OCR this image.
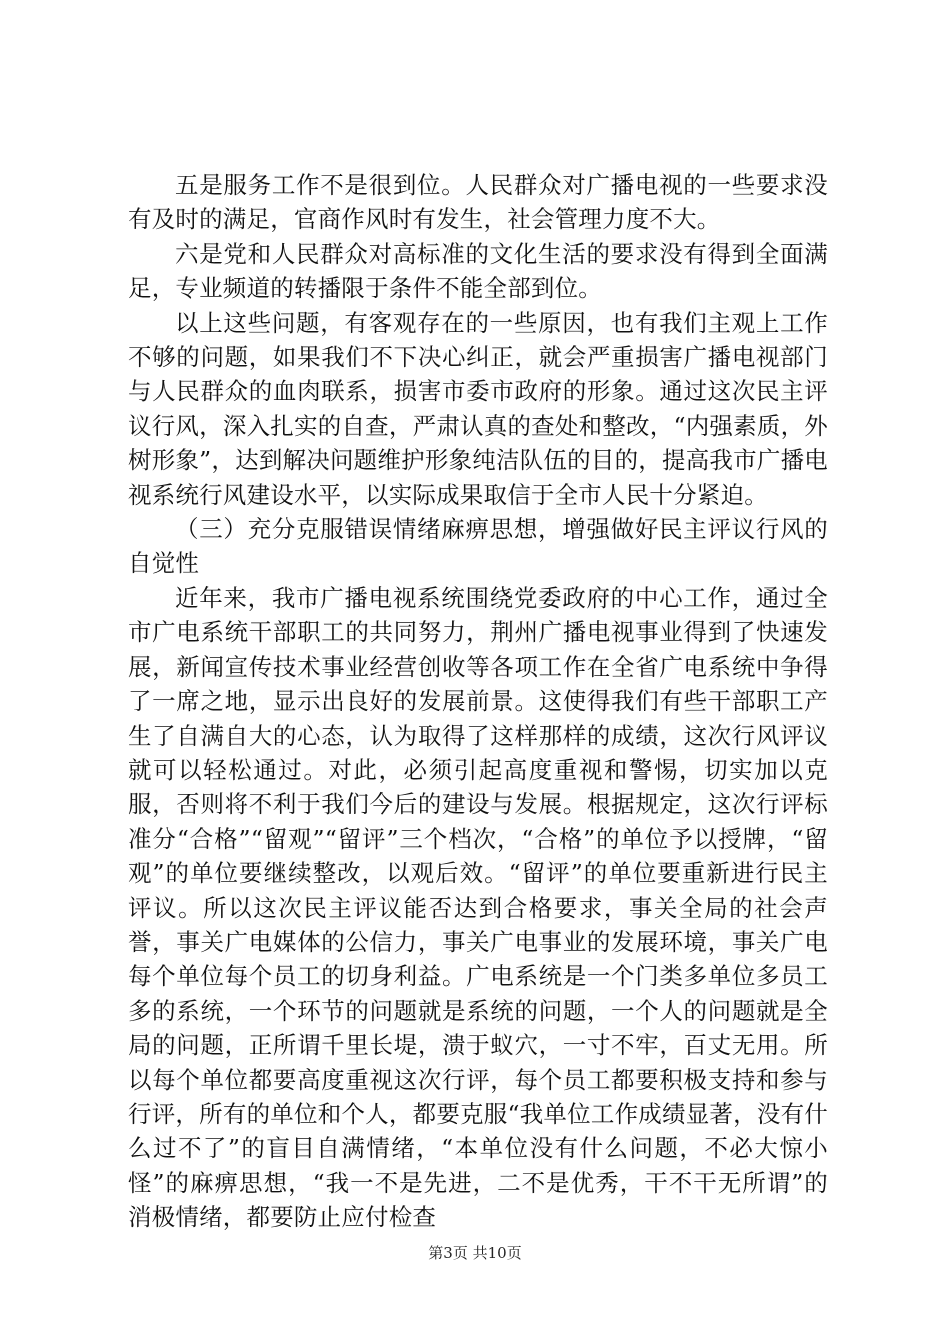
五是服务工作不是很到位。人民群众对广播电视的一些要求没有及时的满足，官商作风时有发生，社会管理力度不大。

六是党和人民群众对高标准的文化生活的要求没有得到全面满足，专业频道的转播限于条件不能全部到位。

以上这些问题，有客观存在的一些原因，也有我们主观上工作不够的问题，如果我们不下决心纠正，就会严重损害广播电视部门与人民群众的血肉联系，损害市委市政府的形象。通过这次民主评议行风，深入扎实的自查，严肃认真的查处和整改，“内强素质，外树形象”，达到解决问题维护形象纯洁队伍的目的，提高我市广播电视系统行风建设水平，以实际成果取信于全市人民十分紧迫。

（三）充分克服错误情绪麻痹思想，增强做好民主评议行风的自觉性

近年来，我市广播电视系统围绕党委政府的中心工作，通过全市广电系统干部职工的共同努力，荆州广播电视事业得到了快速发展，新闻宣传技术事业经营创收等各项工作在全省广电系统中争得了一席之地，显示出良好的发展前景。这使得我们有些干部职工产生了自满自大的心态，认为取得了这样那样的成绩，这次行风评议就可以轻松通过。对此，必须引起高度重视和警惕，切实加以克服，否则将不利于我们今后的建设与发展。根据规定，这次行评标准分“合格”“留观”“留评”三个档次，“合格”的单位予以授牌，“留观”的单位要继续整改，以观后效。“留评”的单位要重新进行民主评议。所以这次民主评议能否达到合格要求，事关全局的社会声誉，事关广电媒体的公信力，事关广电事业的发展环境，事关广电每个单位每个员工的切身利益。广电系统是一个门类多单位多员工多的系统，一个环节的问题就是系统的问题，一个人的问题就是全局的问题，正所谓千里长堤，溃于蚁穴，一寸不牢，百丈无用。所以每个单位都要高度重视这次行评，每个员工都要积极支持和参与行评，所有的单位和个人，都要克服“我单位工作成绩显著，没有什么过不了”的盲目自满情绪，“本单位没有什么问题，不必大惊小怪”的麻痹思想，“我一不是先进，二不是优秀，干不干无所谓”的消极情绪，都要防止应付检查

第3页 共10页
